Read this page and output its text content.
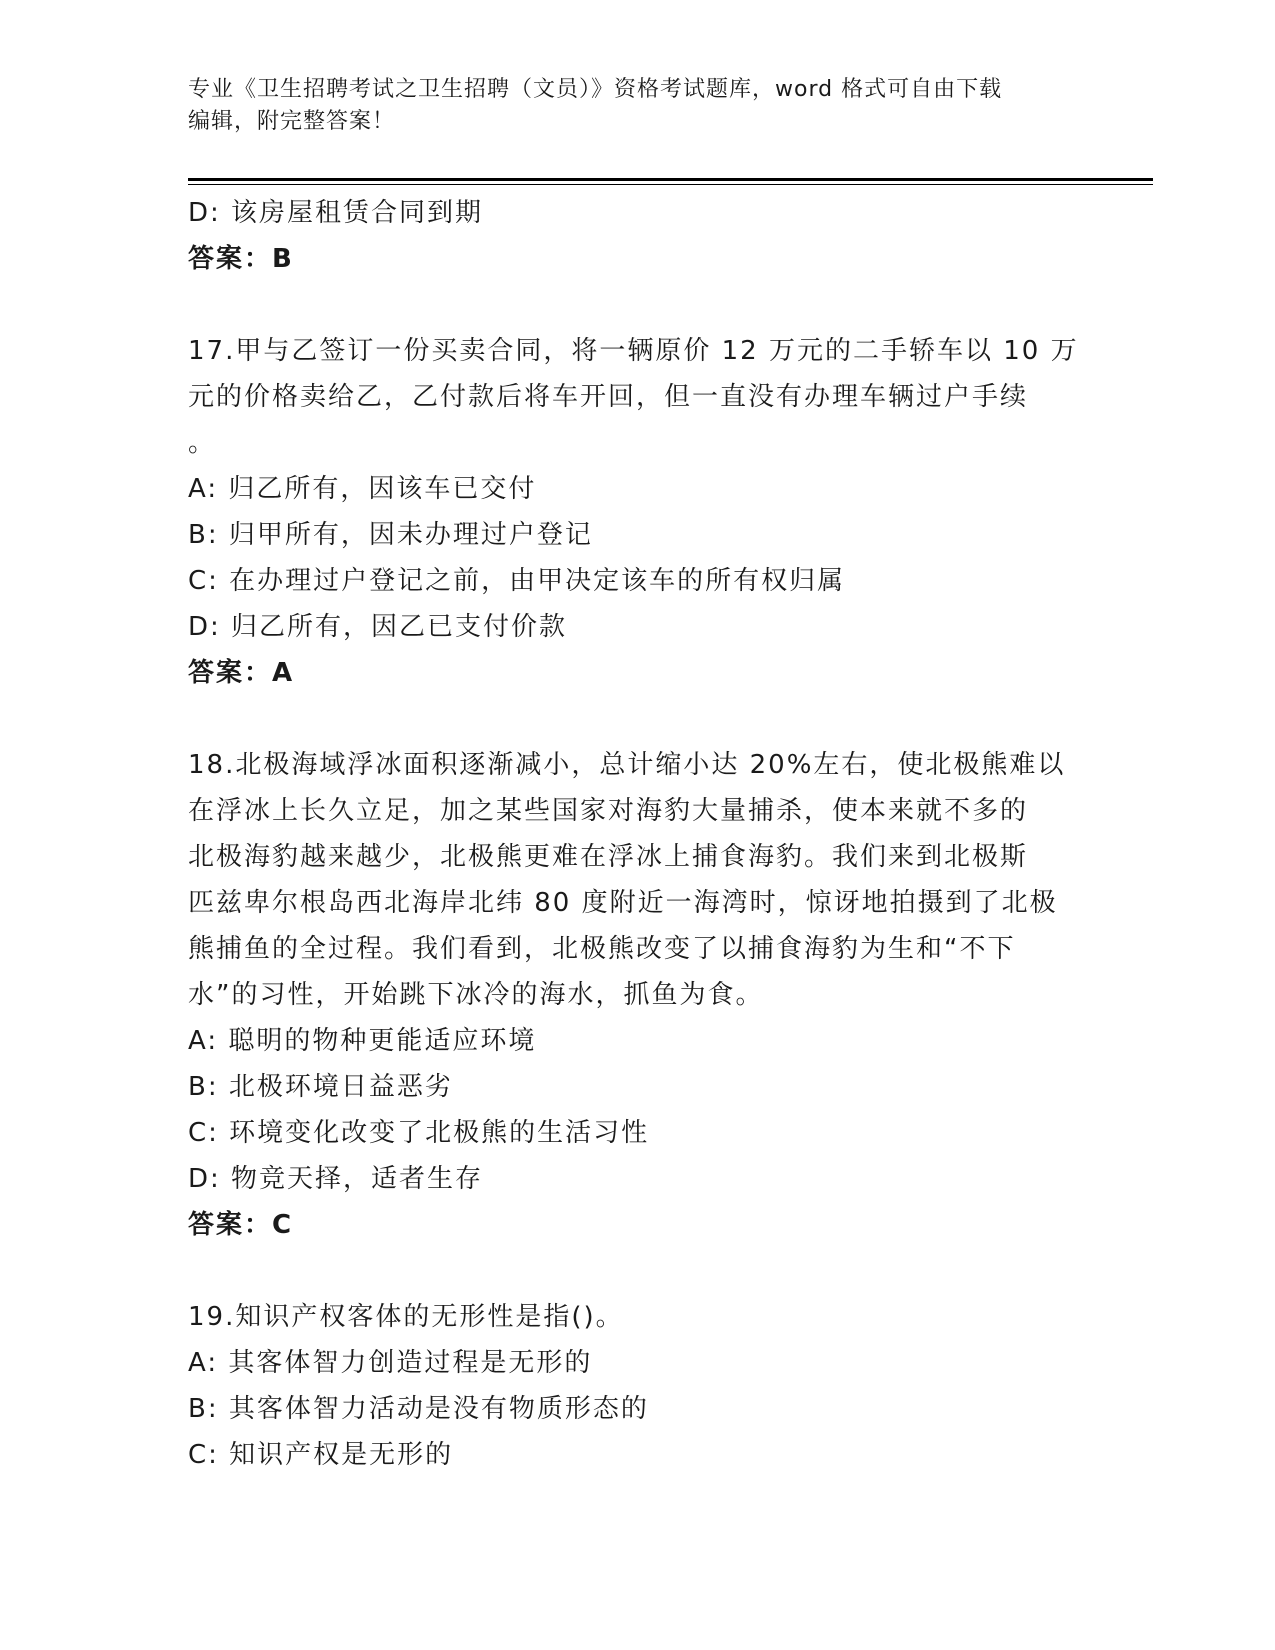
专业《卫生招聘考试之卫生招聘（文员）》资格考试题库，word 格式可自由下载
编辑，附完整答案！
D: 该房屋租赁合同到期
答案：B
17.甲与乙签订一份买卖合同，将一辆原价 12 万元的二手轿车以 10 万
元的价格卖给乙，乙付款后将车开回，但一直没有办理车辆过户手续
。
A: 归乙所有，因该车已交付
B: 归甲所有，因未办理过户登记
C: 在办理过户登记之前，由甲决定该车的所有权归属
D: 归乙所有，因乙已支付价款
答案：A
18.北极海域浮冰面积逐渐减小，总计缩小达 20%左右，使北极熊难以
在浮冰上长久立足，加之某些国家对海豹大量捕杀，使本来就不多的
北极海豹越来越少，北极熊更难在浮冰上捕食海豹。我们来到北极斯
匹兹卑尔根岛西北海岸北纬 80 度附近一海湾时，惊讶地拍摄到了北极
熊捕鱼的全过程。我们看到，北极熊改变了以捕食海豹为生和“不下
水”的习性，开始跳下冰冷的海水，抓鱼为食。
A: 聪明的物种更能适应环境
B: 北极环境日益恶劣
C: 环境变化改变了北极熊的生活习性
D: 物竞天择，适者生存
答案：C
19.知识产权客体的无形性是指()。
A: 其客体智力创造过程是无形的
B: 其客体智力活动是没有物质形态的
C: 知识产权是无形的
